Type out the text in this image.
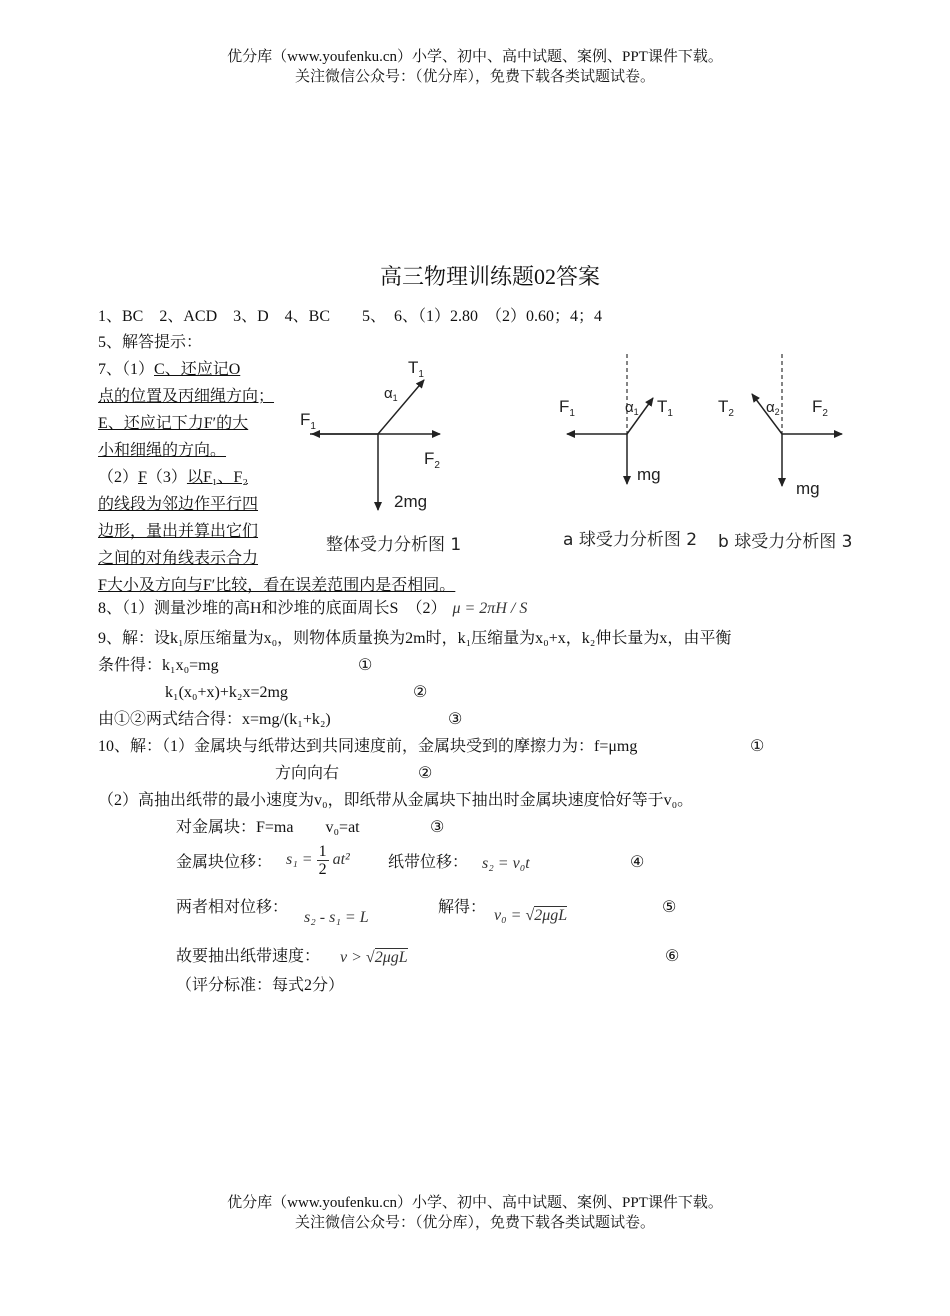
优分库（www.youfenku.cn）小学、初中、高中试题、案例、PPT课件下载。
关注微信公众号：（优分库），免费下载各类试题试卷。
高三物理训练题02答案
1、BC　2、ACD　3、D　4、BC　　5、　6、（1）2.80　（2）0.60；4；4
5、解答提示：
7、（1）C、还应记O
点的位置及丙细绳方向；
E、还应记下力F′的大
小和细绳的方向。
（2）F（3）以F₁、F₂
的线段为邻边作平行四
边形，量出并算出它们
之间的对角线表示合力
F大小及方向与F′比较，看在误差范围内是否相同。
$T_1$
$\alpha_1$
$F_1$
$F_2$
2mg
整体受力分析图 1
$F_1$	$\alpha_1$ $T_1$
mg
a 球受力分析图 2
$T_2$ $\alpha_2$ $F_2$
mg
b 球受力分析图 3
8、（1）测量沙堆的高H和沙堆的底面周长S　（2） μ = 2πH / S
9、解：设k₁原压缩量为x₀，则物体质量换为2m时，k₁压缩量为x₀+x，k₂伸长量为x，由平衡
条件得：k₁x₀=mg	①
k₁(x₀+x)+k₂x=2mg	②
由①②两式结合得：x=mg/(k₁+k₂)	③
10、解：（1）金属块与纸带达到共同速度前，金属块受到的摩擦力为：f=μmg	①
方向向右	②
（2）高抽出纸带的最小速度为v₀，即纸带从金属块下抽出时金属块速度恰好等于v₀。
对金属块：F=ma　　v₀=at	③
金属块位移： $s_1 = \frac{1}{2} at^2$ 纸带位移： s₂ = v₀t	④
两者相对位移：
s₂ - s₁ = L
解得： v₀ = √2μgL	⑤
故要抽出纸带速度： v > √2μgL	⑥
（评分标准：每式2分）
优分库（www.youfenku.cn）小学、初中、高中试题、案例、PPT课件下载。
关注微信公众号：（优分库），免费下载各类试题试卷。
